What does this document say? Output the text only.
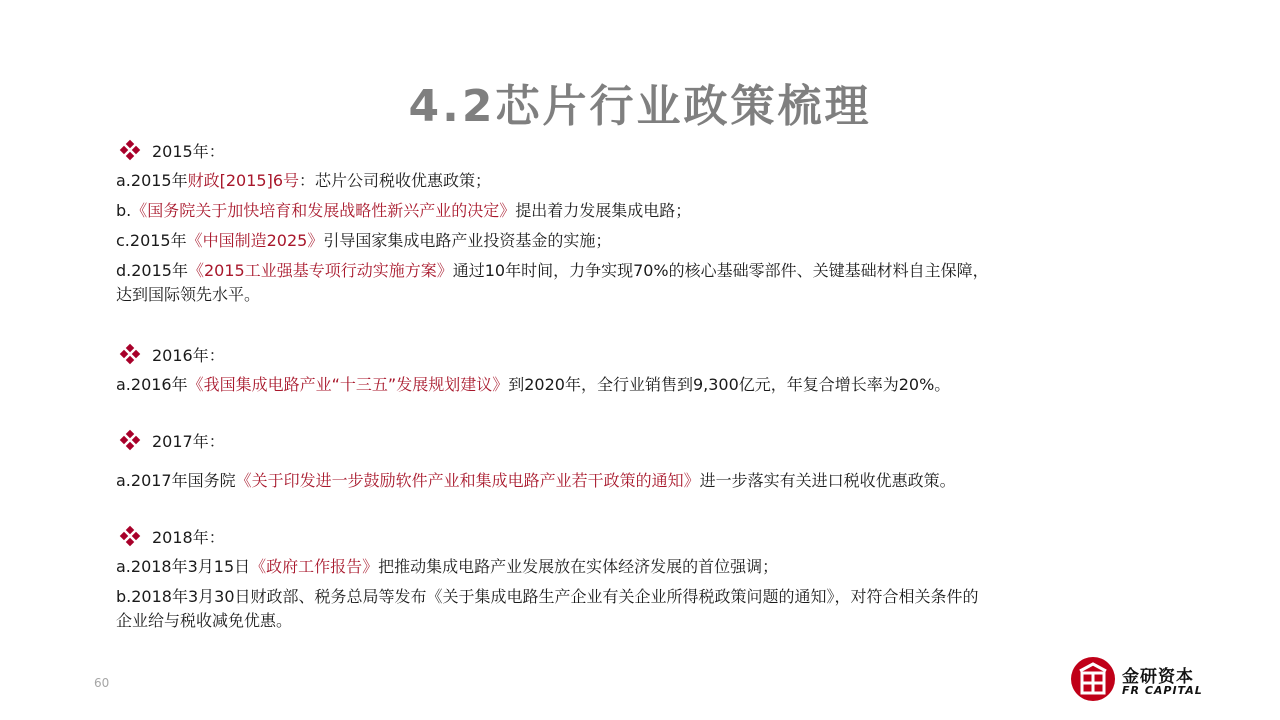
4.2芯片行业政策梳理
2015年：
a.2015年财政[2015]6号：芯片公司税收优惠政策；
b.《国务院关于加快培育和发展战略性新兴产业的决定》提出着力发展集成电路；
c.2015年《中国制造2025》引导国家集成电路产业投资基金的实施；
d.2015年《2015工业强基专项行动实施方案》通过10年时间，力争实现70%的核心基础零部件、关键基础材料自主保障，
达到国际领先水平。
2016年：
a.2016年《我国集成电路产业“十三五”发展规划建议》到2020年，全行业销售到9,300亿元，年复合增长率为20%。
2017年：
a.2017年国务院《关于印发进一步鼓励软件产业和集成电路产业若干政策的通知》进一步落实有关进口税收优惠政策。
2018年：
a.2018年3月15日《政府工作报告》把推动集成电路产业发展放在实体经济发展的首位强调；
b.2018年3月30日财政部、税务总局等发布《关于集成电路生产企业有关企业所得税政策问题的通知》，对符合相关条件的
企业给与税收减免优惠。
60	金研资本
FR CAPITAL
